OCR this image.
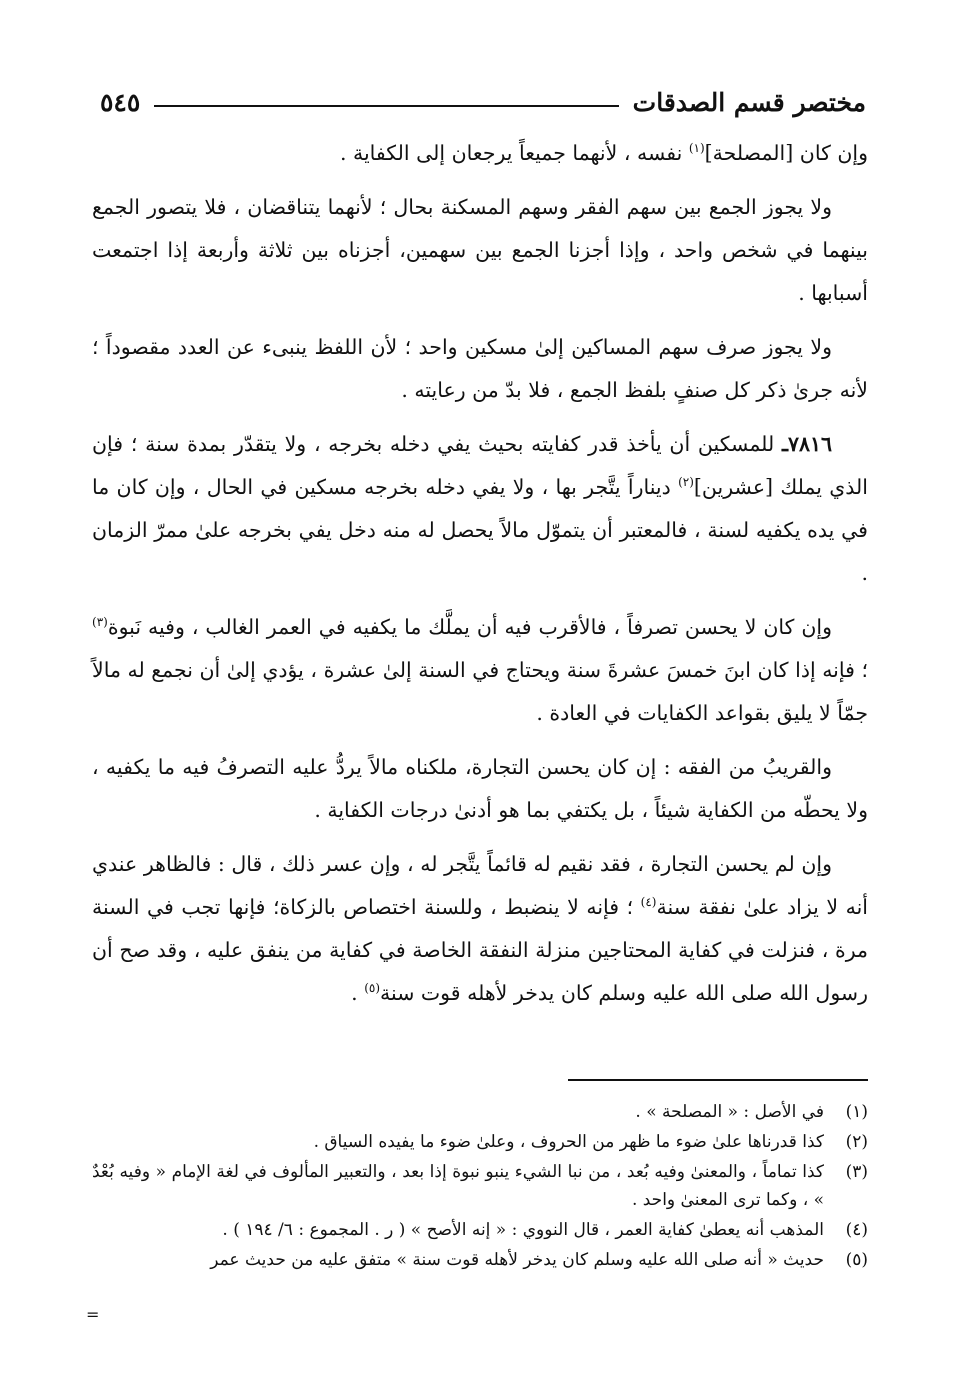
مختصر قسم الصدقات
٥٤٥

وإن كان [المصلحة]$^{(١)}$ نفسه ، لأنهما جميعاً يرجعان إلى الكفاية .

ولا يجوز الجمع بين سهم الفقر وسهم المسكنة بحال ؛ لأنهما يتناقضان ، فلا يتصور الجمع بينهما في شخص واحد ، وإذا أجزنا الجمع بين سهمين، أجزناه بين ثلاثة وأربعة إذا اجتمعت أسبابها .

ولا يجوز صرف سهم المساكين إلىٰ مسكين واحد ؛ لأن اللفظ ينبىء عن العدد مقصوداً ؛ لأنه جرىٰ ذكر كل صنفٍ بلفظ الجمع ، فلا بدّ من رعايته .

٧٨١٦ـ للمسكين أن يأخذ قدر كفايته بحيث يفي دخله بخرجه ، ولا يتقدّر بمدة سنة ؛ فإن الذي يملك [عشرين]$^{(٢)}$ ديناراً يتَّجر بها ، ولا يفي دخله بخرجه مسكين في الحال ، وإن كان ما في يده يكفيه لسنة ، فالمعتبر أن يتموّل مالاً يحصل له منه دخل يفي بخرجه علىٰ ممرّ الزمان .

وإن كان لا يحسن تصرفاً ، فالأقرب فيه أن يملَّك ما يكفيه في العمر الغالب ، وفيه نَبوة$^{(٣)}$ ؛ فإنه إذا كان ابنَ خمسَ عشرةَ سنة ويحتاج في السنة إلىٰ عشرة ، يؤدي إلىٰ أن نجمع له مالاً جمّاً لا يليق بقواعد الكفايات في العادة .

والقريبُ من الفقه : إن كان يحسن التجارة، ملكناه مالاً يردُّ عليه التصرفُ فيه ما يكفيه ، ولا يحطّه من الكفاية شيئاً ، بل يكتفي بما هو أدنىٰ درجات الكفاية .

وإن لم يحسن التجارة ، فقد نقيم له قائماً يتَّجر له ، وإن عسر ذلك ، قال : فالظاهر عندي أنه لا يزاد علىٰ نفقة سنة$^{(٤)}$ ؛ فإنه لا ينضبط ، وللسنة اختصاص بالزكاة؛ فإنها تجب في السنة مرة ، فنزلت في كفاية المحتاجين منزلة النفقة الخاصة في كفاية من ينفق عليه ، وقد صح أن رسول الله صلى الله عليه وسلم كان يدخر لأهله قوت سنة$^{(٥)}$ .

(١)
في الأصل : « المصلحة » .
(٢)
كذا قدرناها علىٰ ضوء ما ظهر من الحروف ، وعلىٰ ضوء ما يفيده السياق .
(٣)
كذا تماماً ، والمعنىٰ وفيه بُعد ، من نبا الشيء ينبو نبوة إذا بعد ، والتعبير المألوف في لغة الإمام « وفيه بُعْدٌ » ، وكما ترى المعنىٰ واحد .
(٤)
المذهب أنه يعطىٰ كفاية العمر ، قال النووي : « إنه الأصح » ( ر . المجموع : ٦/ ١٩٤ ) .
(٥)
حديث « أنه صلى الله عليه وسلم كان يدخر لأهله قوت سنة » متفق عليه من حديث عمر
=
